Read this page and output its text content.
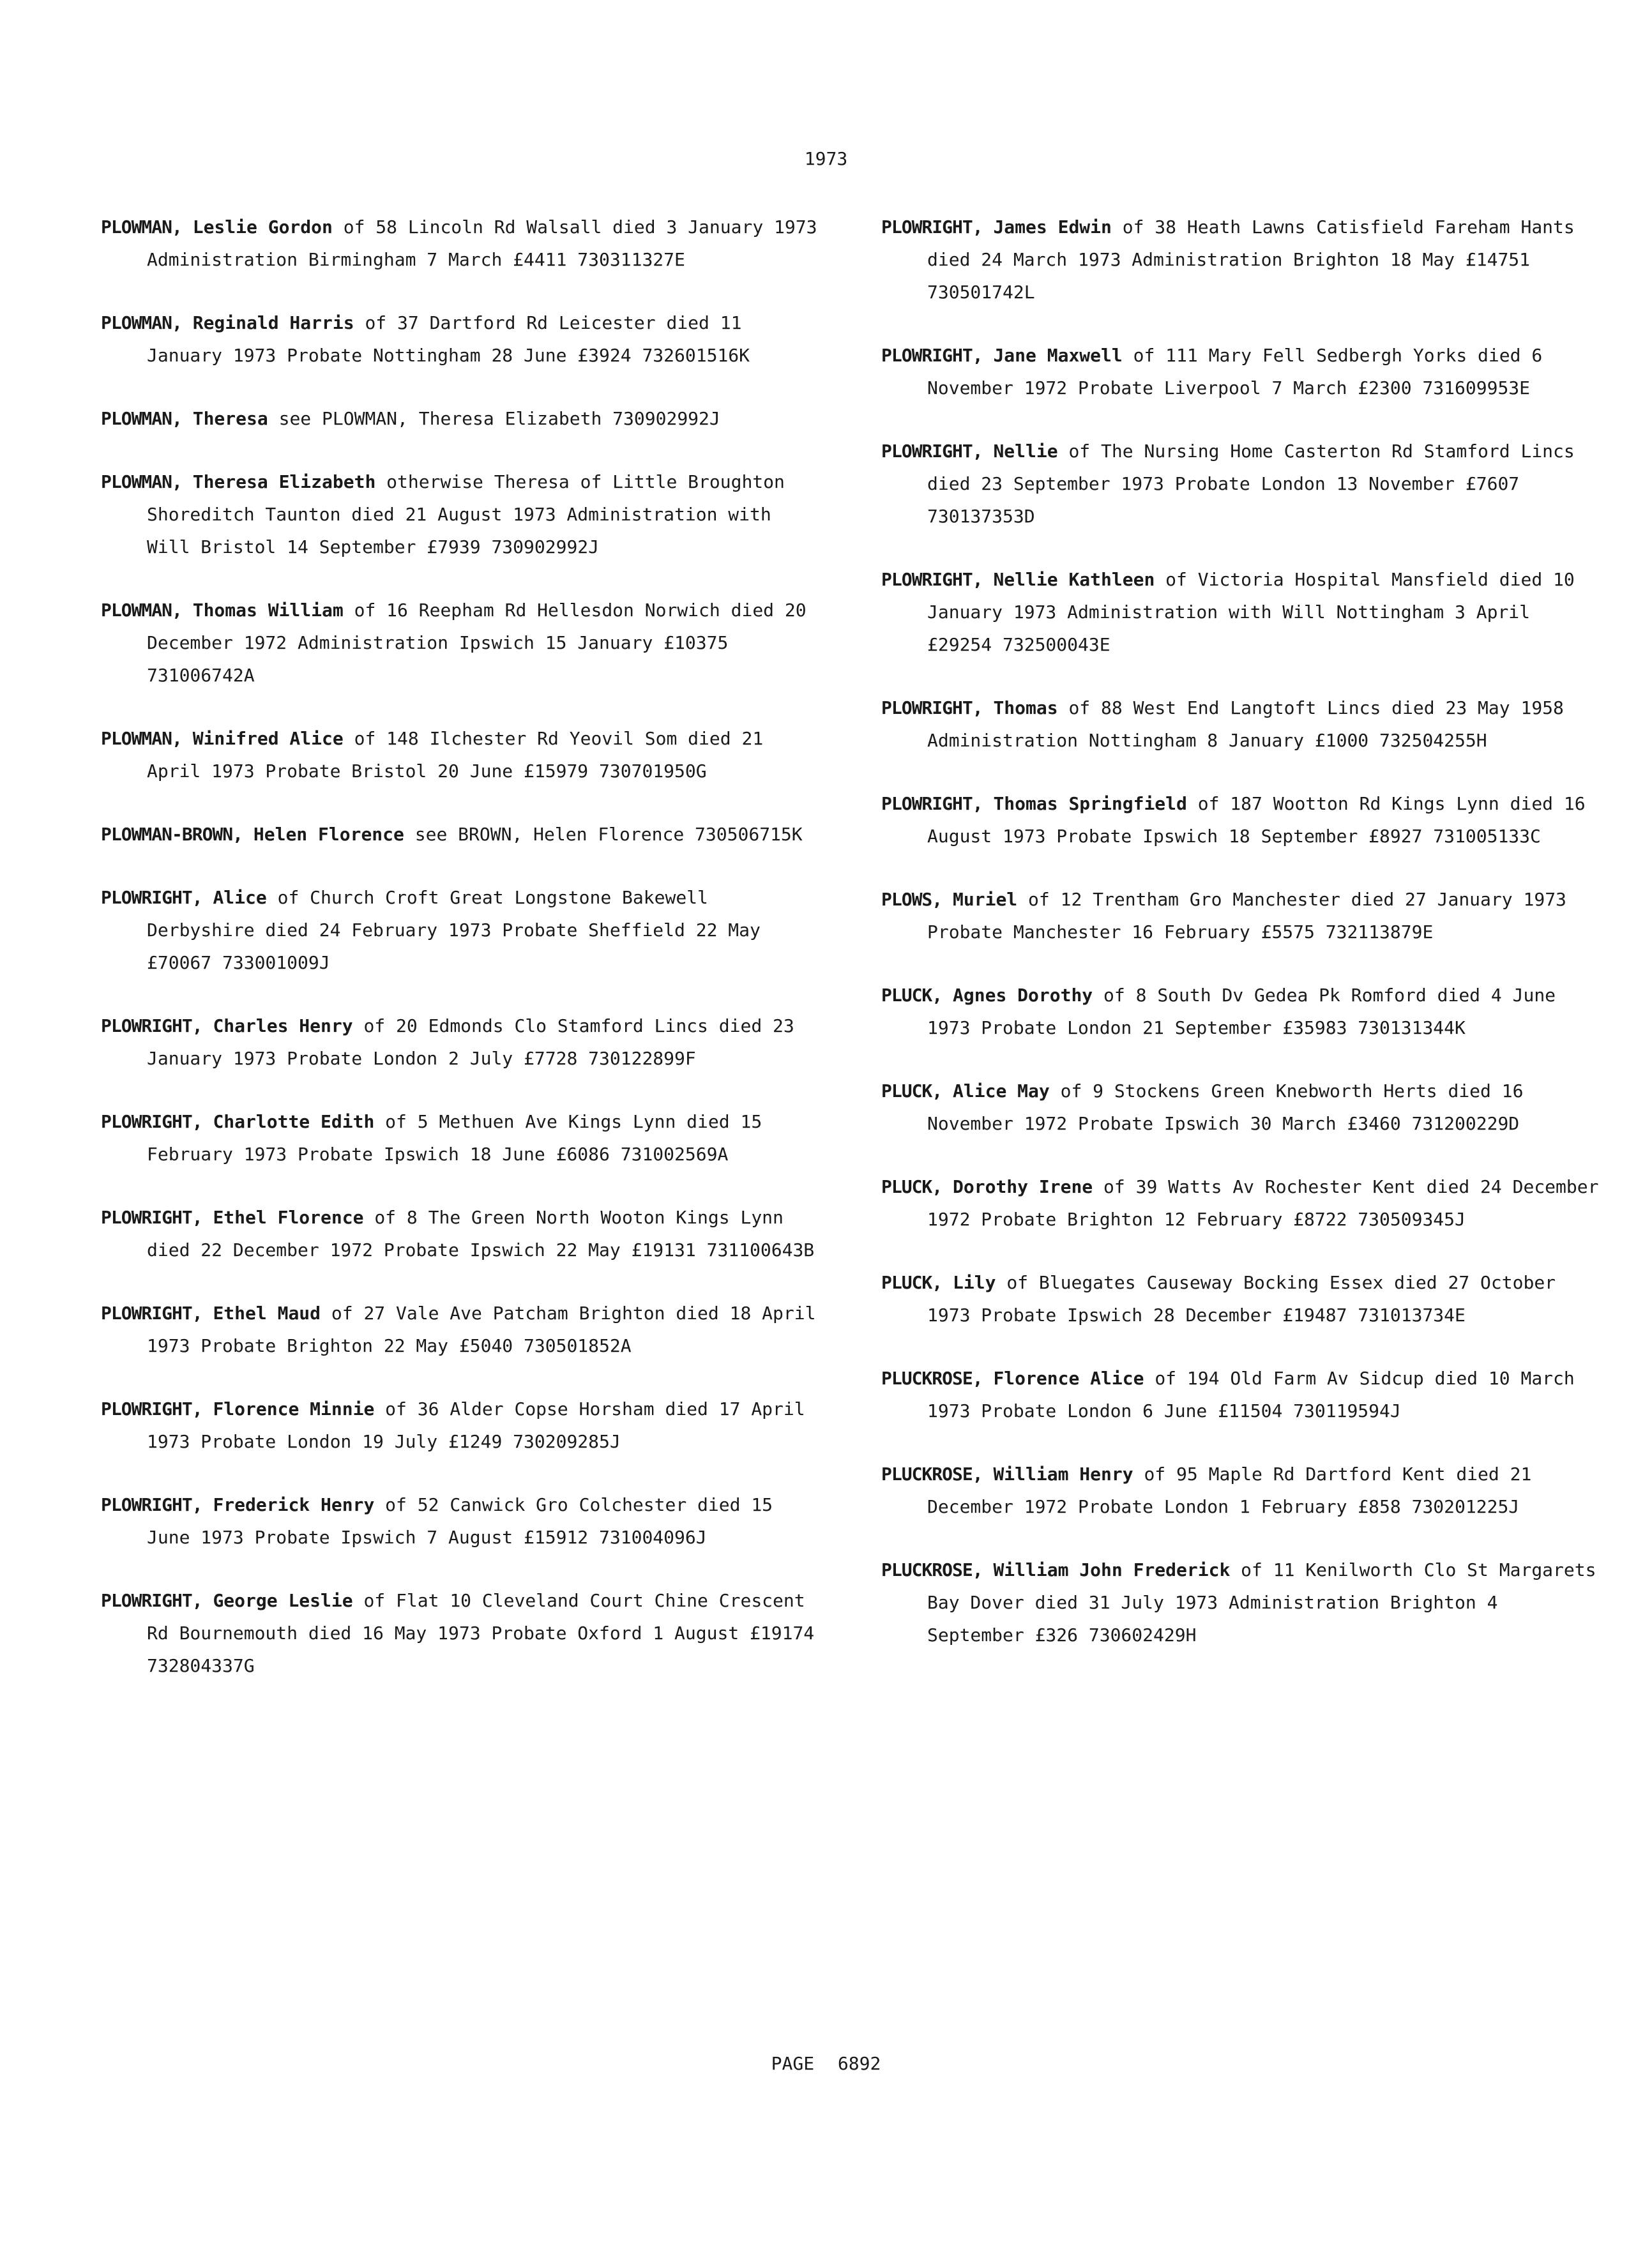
1973
PLOWMAN, Leslie Gordon of 58 Lincoln Rd Walsall died 3 January 1973 Administration Birmingham 7 March £4411 730311327E
PLOWMAN, Reginald Harris of 37 Dartford Rd Leicester died 11 January 1973 Probate Nottingham 28 June £3924 732601516K
PLOWMAN, Theresa see PLOWMAN, Theresa Elizabeth 730902992J
PLOWMAN, Theresa Elizabeth otherwise Theresa of Little Broughton Shoreditch Taunton died 21 August 1973 Administration with Will Bristol 14 September £7939 730902992J
PLOWMAN, Thomas William of 16 Reepham Rd Hellesdon Norwich died 20 December 1972 Administration Ipswich 15 January £10375 731006742A
PLOWMAN, Winifred Alice of 148 Ilchester Rd Yeovil Som died 21 April 1973 Probate Bristol 20 June £15979 730701950G
PLOWMAN-BROWN, Helen Florence see BROWN, Helen Florence 730506715K
PLOWRIGHT, Alice of Church Croft Great Longstone Bakewell Derbyshire died 24 February 1973 Probate Sheffield 22 May £70067 733001009J
PLOWRIGHT, Charles Henry of 20 Edmonds Clo Stamford Lincs died 23 January 1973 Probate London 2 July £7728 730122899F
PLOWRIGHT, Charlotte Edith of 5 Methuen Ave Kings Lynn died 15 February 1973 Probate Ipswich 18 June £6086 731002569A
PLOWRIGHT, Ethel Florence of 8 The Green North Wooton Kings Lynn died 22 December 1972 Probate Ipswich 22 May £19131 731100643B
PLOWRIGHT, Ethel Maud of 27 Vale Ave Patcham Brighton died 18 April 1973 Probate Brighton 22 May £5040 730501852A
PLOWRIGHT, Florence Minnie of 36 Alder Copse Horsham died 17 April 1973 Probate London 19 July £1249 730209285J
PLOWRIGHT, Frederick Henry of 52 Canwick Gro Colchester died 15 June 1973 Probate Ipswich 7 August £15912 731004096J
PLOWRIGHT, George Leslie of Flat 10 Cleveland Court Chine Crescent Rd Bournemouth died 16 May 1973 Probate Oxford 1 August £19174 732804337G
PLOWRIGHT, James Edwin of 38 Heath Lawns Catisfield Fareham Hants died 24 March 1973 Administration Brighton 18 May £14751 730501742L
PLOWRIGHT, Jane Maxwell of 111 Mary Fell Sedbergh Yorks died 6 November 1972 Probate Liverpool 7 March £2300 731609953E
PLOWRIGHT, Nellie of The Nursing Home Casterton Rd Stamford Lincs died 23 September 1973 Probate London 13 November £7607 730137353D
PLOWRIGHT, Nellie Kathleen of Victoria Hospital Mansfield died 10 January 1973 Administration with Will Nottingham 3 April £29254 732500043E
PLOWRIGHT, Thomas of 88 West End Langtoft Lincs died 23 May 1958 Administration Nottingham 8 January £1000 732504255H
PLOWRIGHT, Thomas Springfield of 187 Wootton Rd Kings Lynn died 16 August 1973 Probate Ipswich 18 September £8927 731005133C
PLOWS, Muriel of 12 Trentham Gro Manchester died 27 January 1973 Probate Manchester 16 February £5575 732113879E
PLUCK, Agnes Dorothy of 8 South Dv Gedea Pk Romford died 4 June 1973 Probate London 21 September £35983 730131344K
PLUCK, Alice May of 9 Stockens Green Knebworth Herts died 16 November 1972 Probate Ipswich 30 March £3460 731200229D
PLUCK, Dorothy Irene of 39 Watts Av Rochester Kent died 24 December 1972 Probate Brighton 12 February £8722 730509345J
PLUCK, Lily of Bluegates Causeway Bocking Essex died 27 October 1973 Probate Ipswich 28 December £19487 731013734E
PLUCKROSE, Florence Alice of 194 Old Farm Av Sidcup died 10 March 1973 Probate London 6 June £11504 730119594J
PLUCKROSE, William Henry of 95 Maple Rd Dartford Kent died 21 December 1972 Probate London 1 February £858 730201225J
PLUCKROSE, William John Frederick of 11 Kenilworth Clo St Margarets Bay Dover died 31 July 1973 Administration Brighton 4 September £326 730602429H
PAGE 6892
